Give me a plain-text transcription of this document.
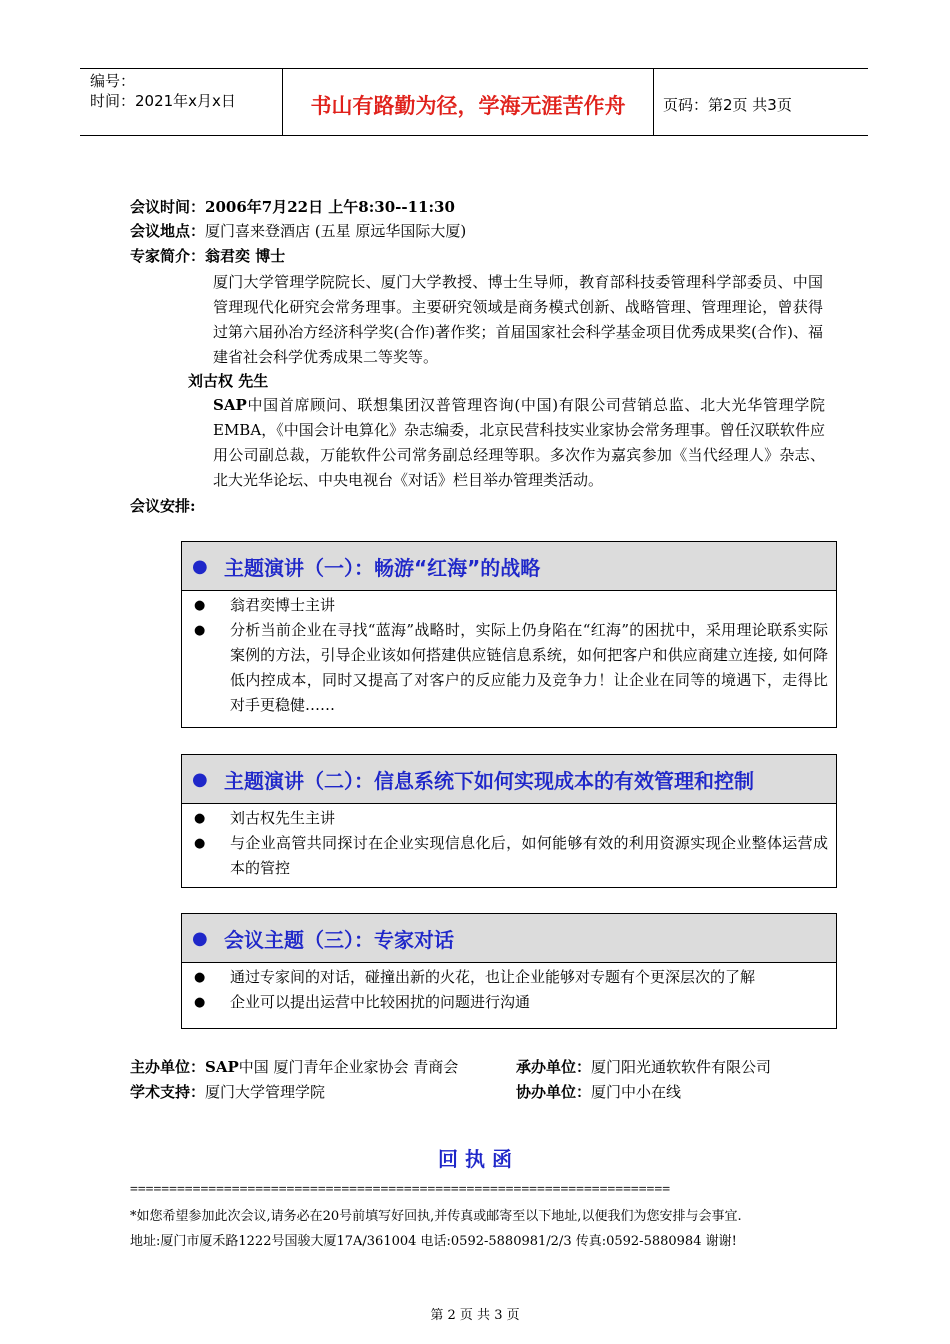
编号：
时间：2021年x月x日	书山有路勤为径，学海无涯苦作舟	页码：第2页 共3页
会议时间：2006年7月22日 上午8:30--11:30
会议地点：厦门喜来登酒店 (五星 原远华国际大厦)
专家简介：翁君奕 博士
厦门大学管理学院院长、厦门大学教授、博士生导师，教育部科技委管理科学部委员、中国管理现代化研究会常务理事。主要研究领域是商务模式创新、战略管理、管理理论，曾获得过第六届孙冶方经济科学奖(合作)著作奖；首届国家社会科学基金项目优秀成果奖(合作)、福建省社会科学优秀成果二等奖等。
刘古权 先生
SAP中国首席顾问、联想集团汉普管理咨询(中国)有限公司营销总监、北大光华管理学院EMBA，《中国会计电算化》杂志编委，北京民营科技实业家协会常务理事。曾任汉联软件应用公司副总裁，万能软件公司常务副总经理等职。多次作为嘉宾参加《当代经理人》杂志、北大光华论坛、中央电视台《对话》栏目举办管理类活动。
会议安排:
● 主题演讲（一）：畅游“红海”的战略
●	翁君奕博士主讲
●	分析当前企业在寻找“蓝海”战略时，实际上仍身陷在“红海”的困扰中，采用理论联系实际案例的方法，引导企业该如何搭建供应链信息系统，如何把客户和供应商建立连接, 如何降低内控成本，同时又提高了对客户的反应能力及竞争力！让企业在同等的境遇下，走得比对手更稳健……
● 主题演讲（二）：信息系统下如何实现成本的有效管理和控制
●	刘古权先生主讲
●	与企业高管共同探讨在企业实现信息化后，如何能够有效的利用资源实现企业整体运营成本的管控
● 会议主题（三）：专家对话
●	通过专家间的对话，碰撞出新的火花，也让企业能够对专题有个更深层次的了解
●	企业可以提出运营中比较困扰的问题进行沟通
主办单位：SAP中国 厦门青年企业家协会 青商会	承办单位：厦门阳光通软软件有限公司
学术支持：厦门大学管理学院	协办单位：厦门中小在线
回 执 函
=====================================================================
*如您希望参加此次会议,请务必在20号前填写好回执,并传真或邮寄至以下地址,以便我们为您安排与会事宜.
地址:厦门市厦禾路1222号国骏大厦17A/361004 电话:0592-5880981/2/3 传真:0592-5880984 谢谢!
第 2 页 共 3 页
